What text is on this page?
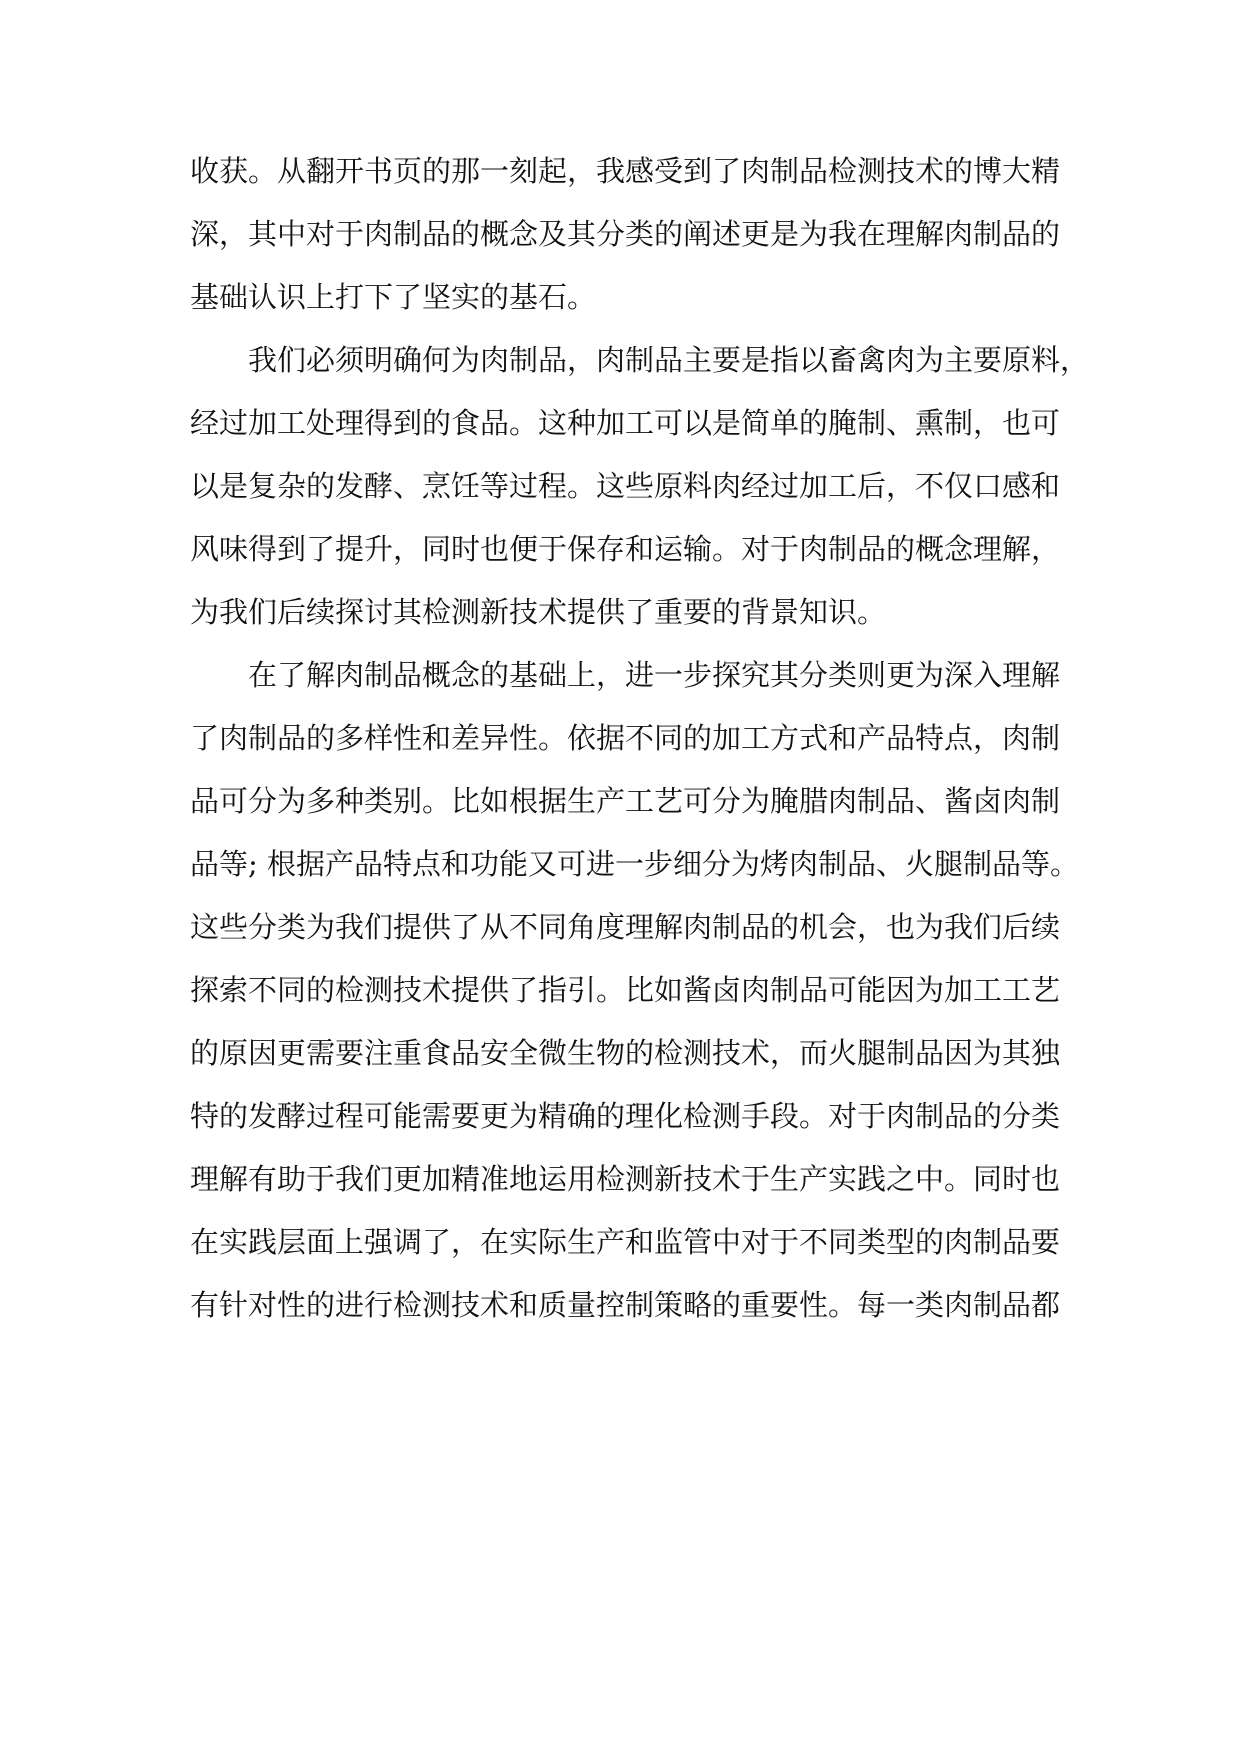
收获。从翻开书页的那一刻起，我感受到了肉制品检测技术的博大精
深，其中对于肉制品的概念及其分类的阐述更是为我在理解肉制品的
基础认识上打下了坚实的基石。
我们必须明确何为肉制品，肉制品主要是指以畜禽肉为主要原料，
经过加工处理得到的食品。这种加工可以是简单的腌制、熏制，也可
以是复杂的发酵、烹饪等过程。这些原料肉经过加工后，不仅口感和
风味得到了提升，同时也便于保存和运输。对于肉制品的概念理解，
为我们后续探讨其检测新技术提供了重要的背景知识。
在了解肉制品概念的基础上，进一步探究其分类则更为深入理解
了肉制品的多样性和差异性。依据不同的加工方式和产品特点，肉制
品可分为多种类别。比如根据生产工艺可分为腌腊肉制品、酱卤肉制
品等; 根据产品特点和功能又可进一步细分为烤肉制品、火腿制品等。
这些分类为我们提供了从不同角度理解肉制品的机会，也为我们后续
探索不同的检测技术提供了指引。比如酱卤肉制品可能因为加工工艺
的原因更需要注重食品安全微生物的检测技术，而火腿制品因为其独
特的发酵过程可能需要更为精确的理化检测手段。对于肉制品的分类
理解有助于我们更加精准地运用检测新技术于生产实践之中。同时也
在实践层面上强调了，在实际生产和监管中对于不同类型的肉制品要
有针对性的进行检测技术和质量控制策略的重要性。每一类肉制品都
